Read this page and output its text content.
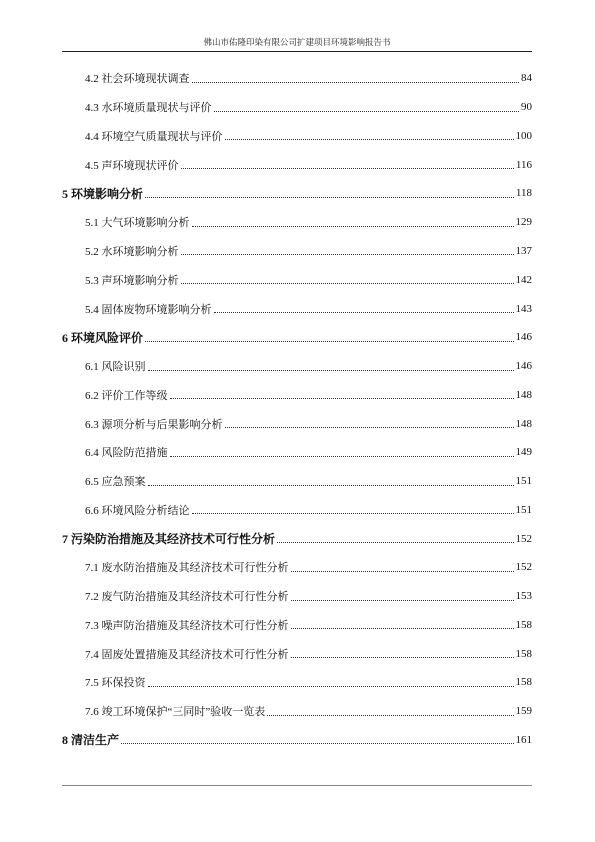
佛山市佑隆印染有限公司扩建项目环境影响报告书
4.2 社会环境现状调查	84
4.3 水环境质量现状与评价	90
4.4 环境空气质量现状与评价	100
4.5 声环境现状评价	116
5 环境影响分析	118
5.1 大气环境影响分析	129
5.2 水环境影响分析	137
5.3 声环境影响分析	142
5.4 固体废物环境影响分析	143
6 环境风险评价	146
6.1 风险识别	146
6.2 评价工作等级	148
6.3 源项分析与后果影响分析	148
6.4 风险防范措施	149
6.5 应急预案	151
6.6 环境风险分析结论	151
7 污染防治措施及其经济技术可行性分析	152
7.1 废水防治措施及其经济技术可行性分析	152
7.2 废气防治措施及其经济技术可行性分析	153
7.3 噪声防治措施及其经济技术可行性分析	158
7.4 固废处置措施及其经济技术可行性分析	158
7.5 环保投资	158
7.6 竣工环境保护“三同时”验收一览表	159
8 清洁生产	161
